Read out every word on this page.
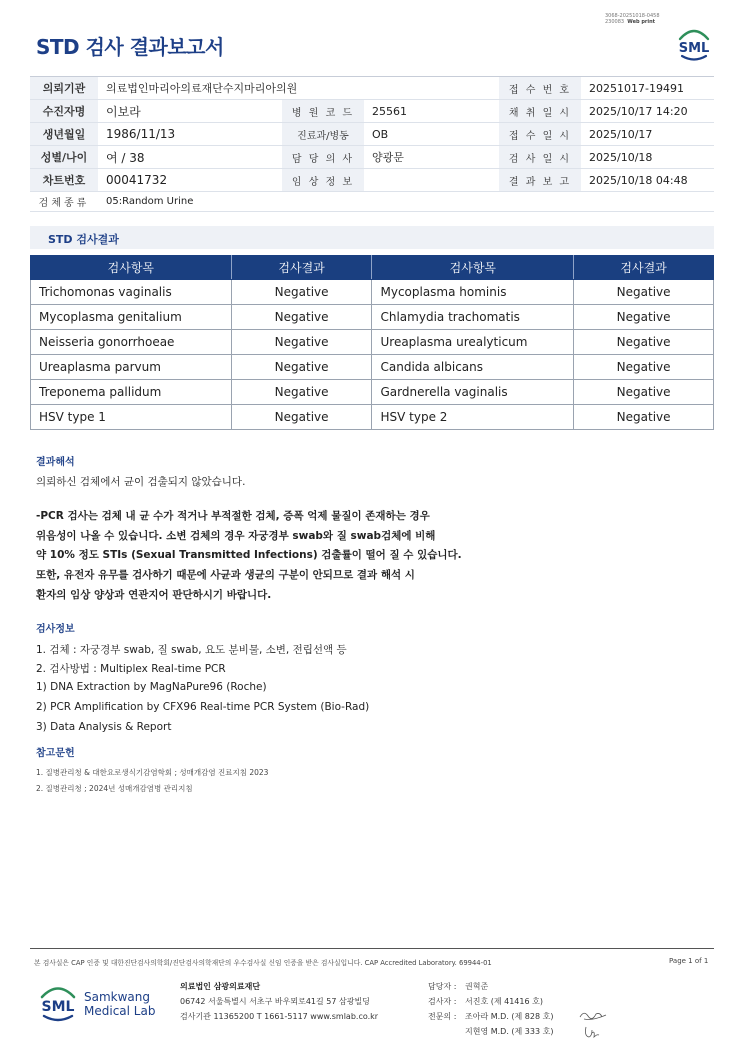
3068-20251018-0458
230083 Web print
STD 검사 결과보고서	SML
의뢰기관	의료법인마리아의료재단수지마리아의원			접 수 번 호	20251017-19491
수진자명	이보라	병 원 코 드	25561	채 취 일 시	2025/10/17 14:20
생년월일	1986/11/13	진료과/병동	OB	접 수 일 시	2025/10/17
성별/나이	여 / 38	담 당 의 사	양광문	검 사 일 시	2025/10/18
차트번호	00041732	임 상 정 보		결 과 보 고	2025/10/18 04:48
검체종류	05:Random Urine				
STD 검사결과
검사항목	검사결과	검사항목	검사결과
Trichomonas vaginalis	Negative	Mycoplasma hominis	Negative
Mycoplasma genitalium	Negative	Chlamydia trachomatis	Negative
Neisseria gonorrhoeae	Negative	Ureaplasma urealyticum	Negative
Ureaplasma parvum	Negative	Candida albicans	Negative
Treponema pallidum	Negative	Gardnerella vaginalis	Negative
HSV type 1	Negative	HSV type 2	Negative
결과해석
의뢰하신 검체에서 균이 검출되지 않았습니다.
-PCR 검사는 검체 내 균 수가 적거나 부적절한 검체, 증폭 억제 물질이 존재하는 경우
위음성이 나올 수 있습니다. 소변 검체의 경우 자궁경부 swab와 질 swab검체에 비해
약 10% 정도 STIs (Sexual Transmitted Infections) 검출률이 떨어 질 수 있습니다.
또한, 유전자 유무를 검사하기 때문에 사균과 생균의 구분이 안되므로 결과 해석 시
환자의 임상 양상과 연관지어 판단하시기 바랍니다.
검사정보
1. 검체 : 자궁경부 swab, 질 swab, 요도 분비물, 소변, 전립선액 등
2. 검사방법 : Multiplex Real-time PCR
1) DNA Extraction by MagNaPure96 (Roche)
2) PCR Amplification by CFX96 Real-time PCR System (Bio-Rad)
3) Data Analysis & Report
참고문헌
1. 질병관리청 & 대한요로생식기감염학회 ; 성매개감염 진료지침 2023
2. 질병관리청 ; 2024년 성매개감염병 관리지침
본 검사실은 CAP 인증 및 대한진단검사의학회/진단검사의학재단의 우수검사실 신임 인증을 받은 검사실입니다. CAP Accredited Laboratory. 69944-01	Page 1 of 1
SML
Samkwang
Medical Lab
의료법인 삼광의료재단
06742 서울특별시 서초구 바우뫼로41길 57 삼광빌딩
검사기관 11365200 T 1661-5117 www.smlab.co.kr
담당자 : 권혁준
검사자 : 서진호 (제 41416 호)
전문의 : 조아라 M.D. (제 828 호)
지현영 M.D. (제 333 호)
